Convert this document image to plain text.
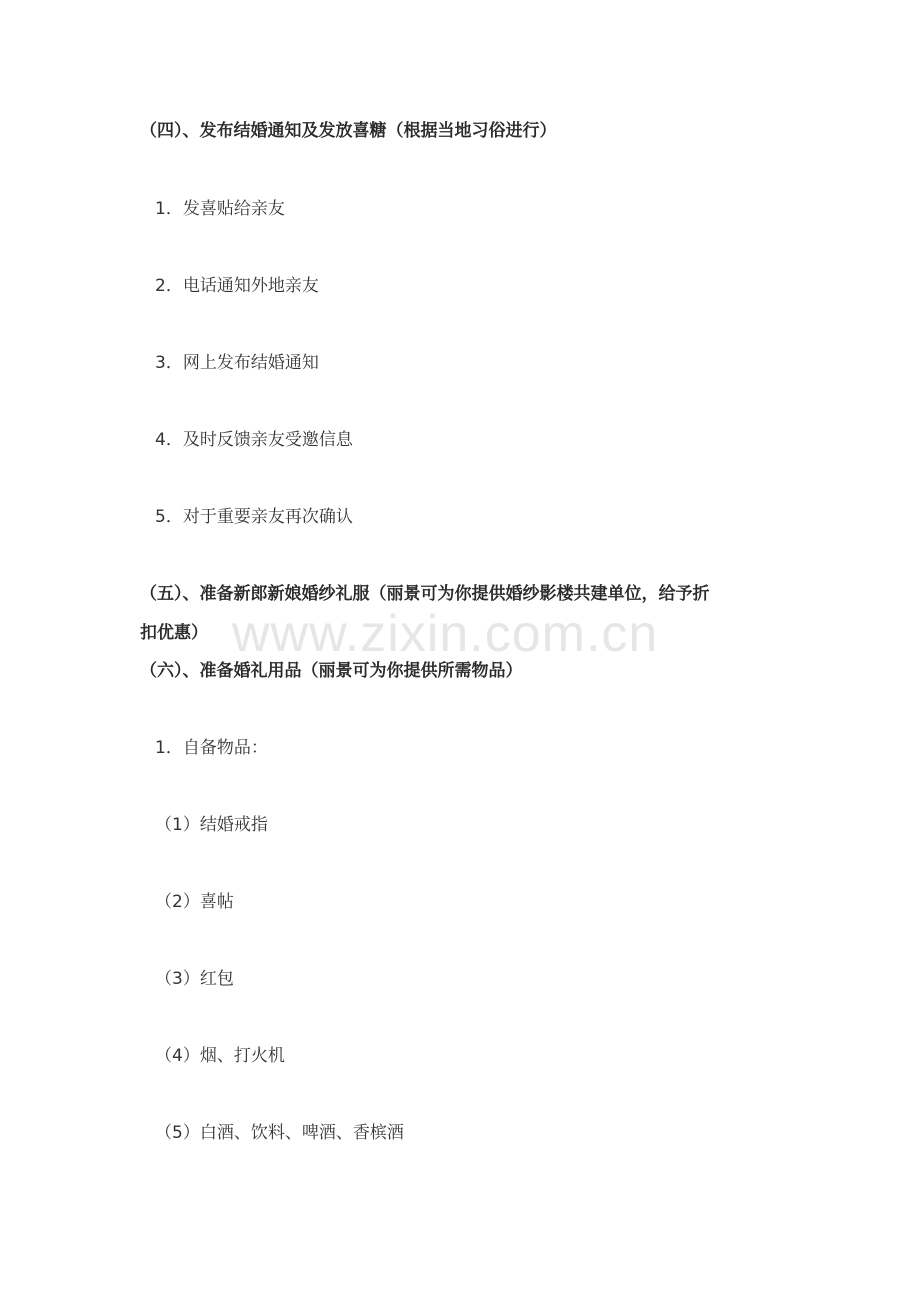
www.zixin.com.cn
（四）、发布结婚通知及发放喜糖（根据当地习俗进行）
1．发喜贴给亲友
2．电话通知外地亲友
3．网上发布结婚通知
4．及时反馈亲友受邀信息
5．对于重要亲友再次确认
（五）、准备新郎新娘婚纱礼服（丽景可为你提供婚纱影楼共建单位，给予折
扣优惠）
（六）、准备婚礼用品（丽景可为你提供所需物品）
1．自备物品：
（1）结婚戒指
（2）喜帖
（3）红包
（4）烟、打火机
（5）白酒、饮料、啤酒、香槟酒
